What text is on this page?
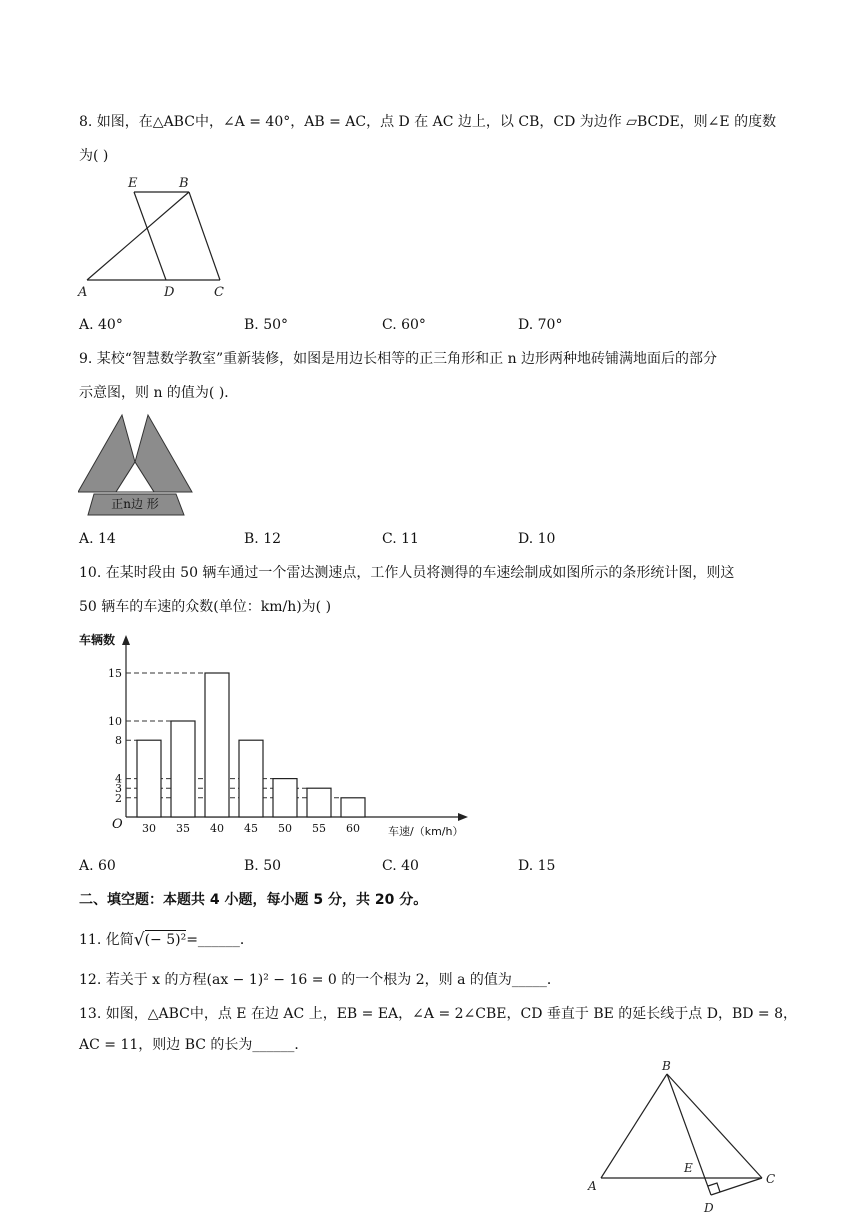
8. 如图，在△ABC中，∠A = 40°，AB = AC，点 D 在 AC 边上，以 CB，CD 为边作 ▱BCDE，则∠E 的度数
为( )
E	B
A	D	C
A. 40°	B. 50°	C. 60°	D. 70°
9. 某校“智慧数学教室”重新装修，如图是用边长相等的正三角形和正 n 边形两种地砖铺满地面后的部分
示意图，则 n 的值为( )．
正n边 形
A. 14	B. 12	C. 11	D. 10
10. 在某时段由 50 辆车通过一个雷达测速点，工作人员将测得的车速绘制成如图所示的条形统计图，则这
50 辆车的车速的众数(单位：km/h)为( )
车辆数
车速/（km/h）
O
2
3
4
8
10
15
30 35 40 45 50 55 60
A. 60	B. 50	C. 40	D. 15
二、填空题：本题共 4 小题，每小题 5 分，共 20 分。
11. 化简√(− 5)²=______．
12. 若关于 x 的方程(ax − 1)² − 16 = 0 的一个根为 2，则 a 的值为_____．
13. 如图，△ABC中，点 E 在边 AC 上，EB = EA，∠A = 2∠CBE，CD 垂直于 BE 的延长线于点 D，BD = 8，
AC = 11，则边 BC 的长为______．
B
A
E
C
D
